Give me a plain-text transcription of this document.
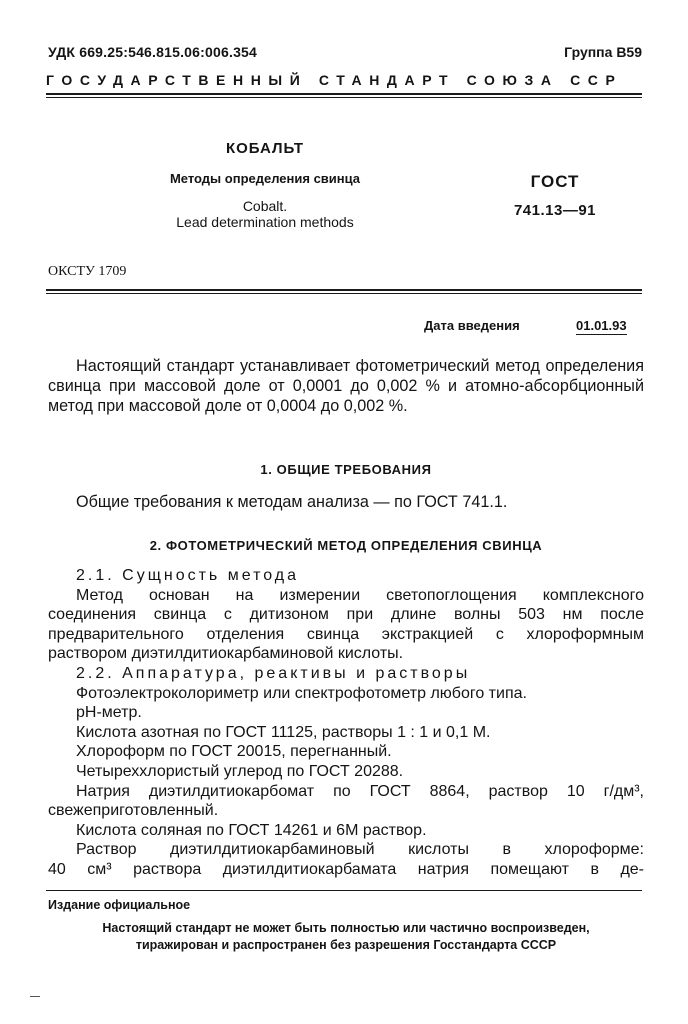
УДК 669.25:546.815.06:006.354	Группа В59
ГОСУДАРСТВЕННЫЙ СТАНДАРТ СОЮЗА ССР
КОБАЛЬТ
Методы определения свинца
Cobalt.
Lead determination methods
ГОСТ
741.13—91
ОКСТУ 1709
Дата введения	01.01.93
Настоящий стандарт устанавливает фотометрический метод определения свинца при массовой доле от 0,0001 до 0,002 % и атомно-абсорбционный метод при массовой доле от 0,0004 до 0,002 %.
1. ОБЩИЕ ТРЕБОВАНИЯ
Общие требования к методам анализа — по ГОСТ 741.1.
2. ФОТОМЕТРИЧЕСКИЙ МЕТОД ОПРЕДЕЛЕНИЯ СВИНЦА
2.1. Сущность метода
Метод основан на измерении светопоглощения комплексного
соединения свинца с дитизоном при длине волны 503 нм после
предварительного отделения свинца экстракцией с хлороформным
раствором диэтилдитиокарбаминовой кислоты.
2.2. Аппаратура, реактивы и растворы
Фотоэлектроколориметр или спектрофотометр любого типа.
рН-метр.
Кислота азотная по ГОСТ 11125, растворы 1 : 1 и 0,1 М.
Хлороформ по ГОСТ 20015, перегнанный.
Четыреххлористый углерод по ГОСТ 20288.
Натрия диэтилдитиокарбомат по ГОСТ 8864, раствор 10 г/дм³,
свежеприготовленный.
Кислота соляная по ГОСТ 14261 и 6М раствор.
Раствор диэтилдитиокарбаминовый кислоты в хлороформе:
40 см³ раствора диэтилдитиокарбамата натрия помещают в де-
Издание официальное
Настоящий стандарт не может быть полностью или частично воспроизведен,
тиражирован и распространен без разрешения Госстандарта СССР
